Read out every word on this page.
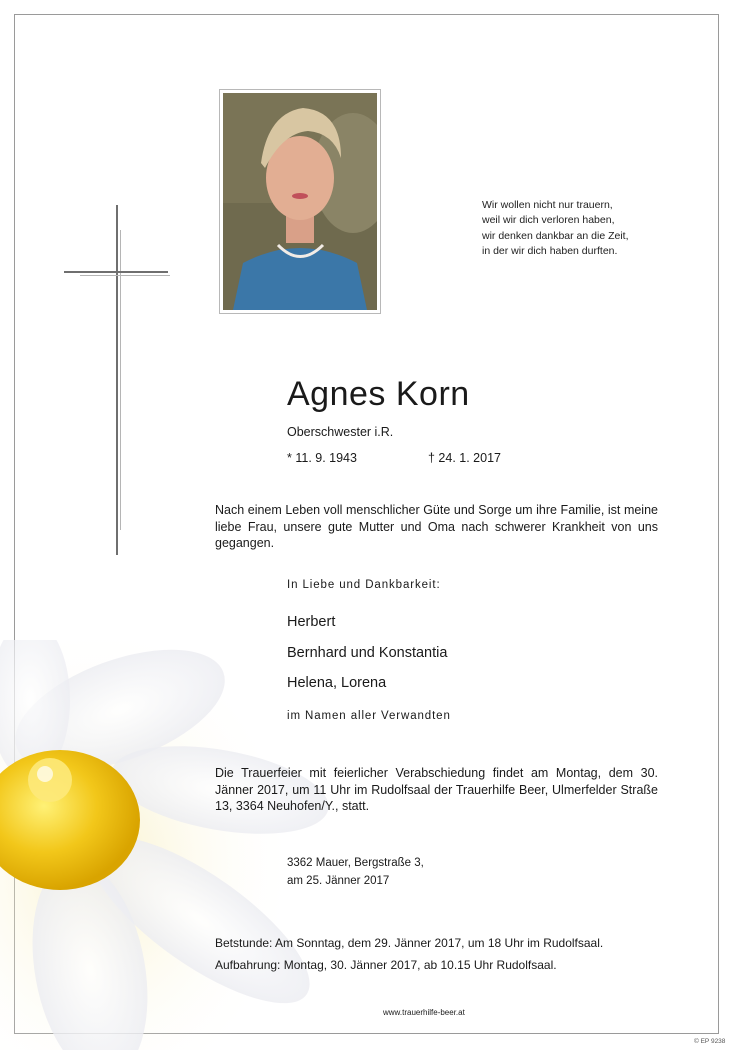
Wir wollen nicht nur trauern,
weil wir dich verloren haben,
wir denken dankbar an die Zeit,
in der wir dich haben durften.
Agnes Korn
Oberschwester i.R.
* 11. 9. 1943	† 24. 1. 2017
Nach einem Leben voll menschlicher Güte und Sorge um ihre Familie, ist meine liebe Frau, unsere gute Mutter und Oma nach schwerer Krankheit von uns gegangen.
In Liebe und Dankbarkeit:
Herbert
Bernhard und Konstantia
Helena, Lorena
im Namen aller Verwandten
Die Trauerfeier mit feierlicher Verabschiedung findet am Montag, dem 30. Jänner 2017, um 11 Uhr im Rudolfsaal der Trauerhilfe Beer, Ulmerfelder Straße 13, 3364 Neuhofen/Y., statt.
3362 Mauer, Bergstraße 3,
am 25. Jänner 2017
Betstunde: Am Sonntag, dem 29. Jänner 2017, um 18 Uhr im Rudolfsaal.
Aufbahrung: Montag, 30. Jänner 2017, ab 10.15 Uhr Rudolfsaal.
www.trauerhilfe-beer.at
© EP 9238
